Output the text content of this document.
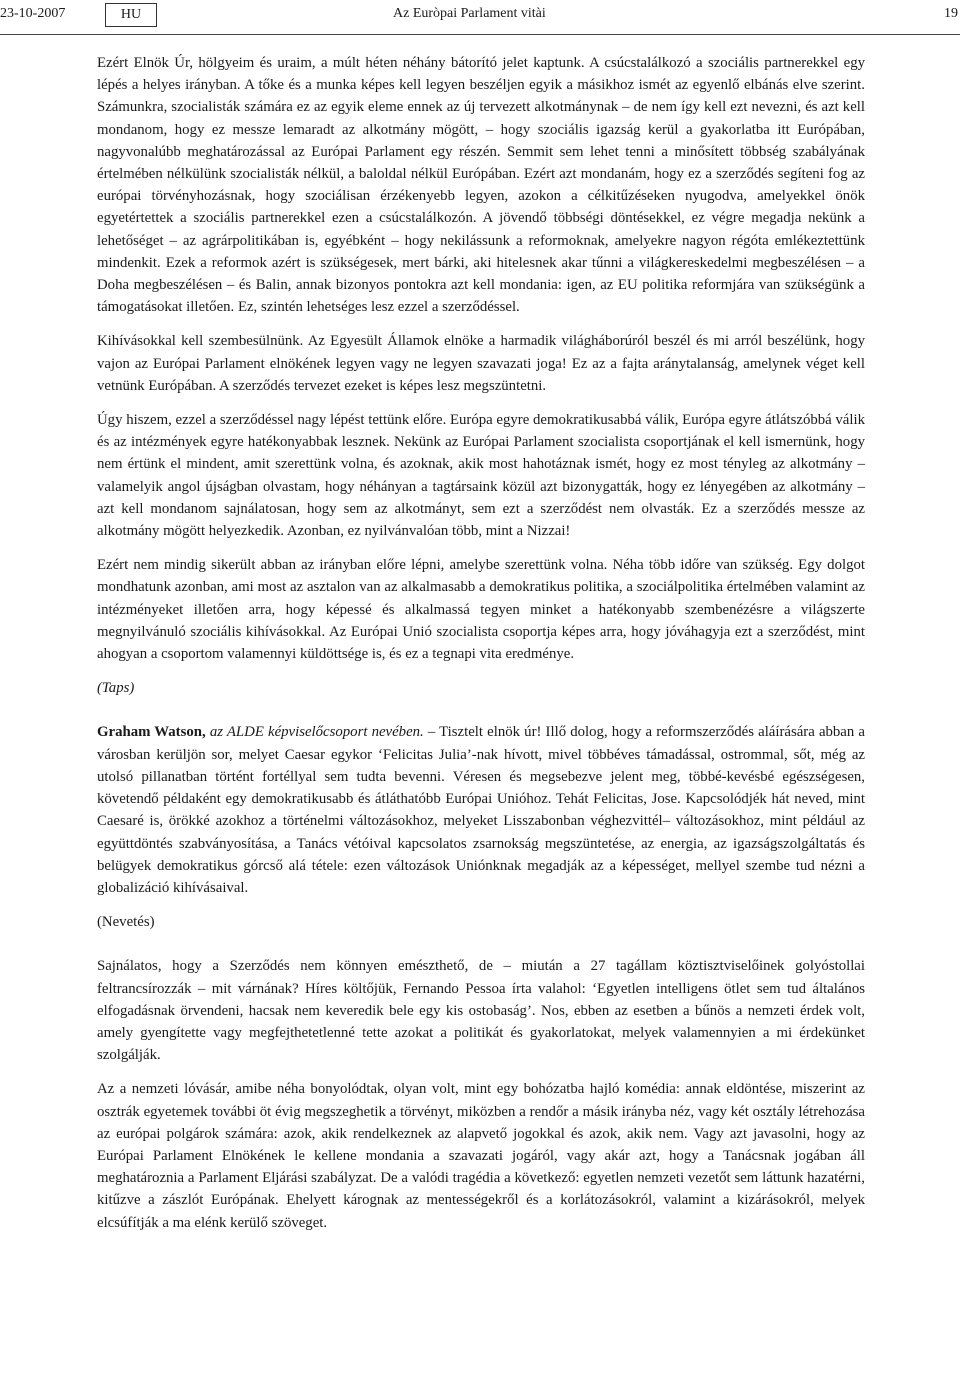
23-10-2007	HU	Az Euròpai Parlament vitài	19

Ezért Elnök Úr, hölgyeim és uraim, a múlt héten néhány bátorító jelet kaptunk. A csúcstalálkozó a szociális partnerekkel egy lépés a helyes irányban. A tőke és a munka képes kell legyen beszéljen egyik a másikhoz ismét az egyenlő elbánás elve szerint. Számunkra, szocialisták számára ez az egyik eleme ennek az új tervezett alkotmánynak – de nem így kell ezt nevezni, és azt kell mondanom, hogy ez messze lemaradt az alkotmány mögött, – hogy szociális igazság kerül a gyakorlatba itt Európában, nagyvonalúbb meghatározással az Európai Parlament egy részén. Semmit sem lehet tenni a minősített többség szabályának értelmében nélkülünk szocialisták nélkül, a baloldal nélkül Európában. Ezért azt mondanám, hogy ez a szerződés segíteni fog az európai törvényhozásnak, hogy szociálisan érzékenyebb legyen, azokon a célkitűzéseken nyugodva, amelyekkel önök egyetértettek a szociális partnerekkel ezen a csúcstalálkozón. A jövendő többségi döntésekkel, ez végre megadja nekünk a lehetőséget – az agrárpolitikában is, egyébként – hogy nekilássunk a reformoknak, amelyekre nagyon régóta emlékeztettünk mindenkit. Ezek a reformok azért is szükségesek, mert bárki, aki hitelesnek akar tűnni a világkereskedelmi megbeszélésen – a Doha megbeszélésen – és Balin, annak bizonyos pontokra azt kell mondania: igen, az EU politika reformjára van szükségünk a támogatásokat illetően. Ez, szintén lehetséges lesz ezzel a szerződéssel.

Kihívásokkal kell szembesülnünk. Az Egyesült Államok elnöke a harmadik világháborúról beszél és mi arról beszélünk, hogy vajon az Európai Parlament elnökének legyen vagy ne legyen szavazati joga! Ez az a fajta aránytalanság, amelynek véget kell vetnünk Európában. A szerződés tervezet ezeket is képes lesz megszüntetni.

Úgy hiszem, ezzel a szerződéssel nagy lépést tettünk előre. Európa egyre demokratikusabbá válik, Európa egyre átlátszóbbá válik és az intézmények egyre hatékonyabbak lesznek. Nekünk az Európai Parlament szocialista csoportjának el kell ismernünk, hogy nem értünk el mindent, amit szerettünk volna, és azoknak, akik most hahotáznak ismét, hogy ez most tényleg az alkotmány – valamelyik angol újságban olvastam, hogy néhányan a tagtársaink közül azt bizonygatták, hogy ez lényegében az alkotmány – azt kell mondanom sajnálatosan, hogy sem az alkotmányt, sem ezt a szerződést nem olvasták. Ez a szerződés messze az alkotmány mögött helyezkedik. Azonban, ez nyilvánvalóan több, mint a Nizzai!

Ezért nem mindig sikerült abban az irányban előre lépni, amelybe szerettünk volna. Néha több időre van szükség. Egy dolgot mondhatunk azonban, ami most az asztalon van az alkalmasabb a demokratikus politika, a szociálpolitika értelmében valamint az intézményeket illetően arra, hogy képessé és alkalmassá tegyen minket a hatékonyabb szembenézésre a világszerte megnyilvánuló szociális kihívásokkal. Az Európai Unió szocialista csoportja képes arra, hogy jóváhagyja ezt a szerződést, mint ahogyan a csoportom valamennyi küldöttsége is, és ez a tegnapi vita eredménye.

(Taps)

Graham Watson, az ALDE képviselőcsoport nevében. – Tisztelt elnök úr! Illő dolog, hogy a reformszerződés aláírására abban a városban kerüljön sor, melyet Caesar egykor ‘Felicitas Julia’-nak hívott, mivel többéves támadással, ostrommal, sőt, még az utolsó pillanatban történt fortéllyal sem tudta bevenni. Véresen és megsebezve jelent meg, többé-kevésbé egészségesen, követendő példaként egy demokratikusabb és átláthatóbb Európai Unióhoz. Tehát Felicitas, Jose. Kapcsolódjék hát neved, mint Caesaré is, örökké azokhoz a történelmi változásokhoz, melyeket Lisszabonban véghezvittél– változásokhoz, mint például az együttdöntés szabványosítása, a Tanács vétóival kapcsolatos zsarnokság megszüntetése, az energia, az igazságszolgáltatás és belügyek demokratikus górcső alá tétele: ezen változások Uniónknak megadják az a képességet, mellyel szembe tud nézni a globalizáció kihívásaival.

(Nevetés)

Sajnálatos, hogy a Szerződés nem könnyen emészthető, de – miután a 27 tagállam köztisztviselőinek golyóstollai feltrancsírozzák – mit várnának? Híres költőjük, Fernando Pessoa írta valahol: ‘Egyetlen intelligens ötlet sem tud általános elfogadásnak örvendeni, hacsak nem keveredik bele egy kis ostobaság’. Nos, ebben az esetben a bűnös a nemzeti érdek volt, amely gyengítette vagy megfejthetetlenné tette azokat a politikát és gyakorlatokat, melyek valamennyien a mi érdekünket szolgálják.

Az a nemzeti lóvásár, amibe néha bonyolódtak, olyan volt, mint egy bohózatba hajló komédia: annak eldöntése, miszerint az osztrák egyetemek további öt évig megszeghetik a törvényt, miközben a rendőr a másik irányba néz, vagy két osztály létrehozása az európai polgárok számára: azok, akik rendelkeznek az alapvető jogokkal és azok, akik nem. Vagy azt javasolni, hogy az Európai Parlament Elnökének le kellene mondania a szavazati jogáról, vagy akár azt, hogy a Tanácsnak jogában áll meghatároznia a Parlament Eljárási szabályzat. De a valódi tragédia a következő: egyetlen nemzeti vezetőt sem láttunk hazatérni, kitűzve a zászlót Európának. Ehelyett kárognak az mentességekről és a korlátozásokról, valamint a kizárásokról, melyek elcsúfítják a ma elénk kerülő szöveget.
